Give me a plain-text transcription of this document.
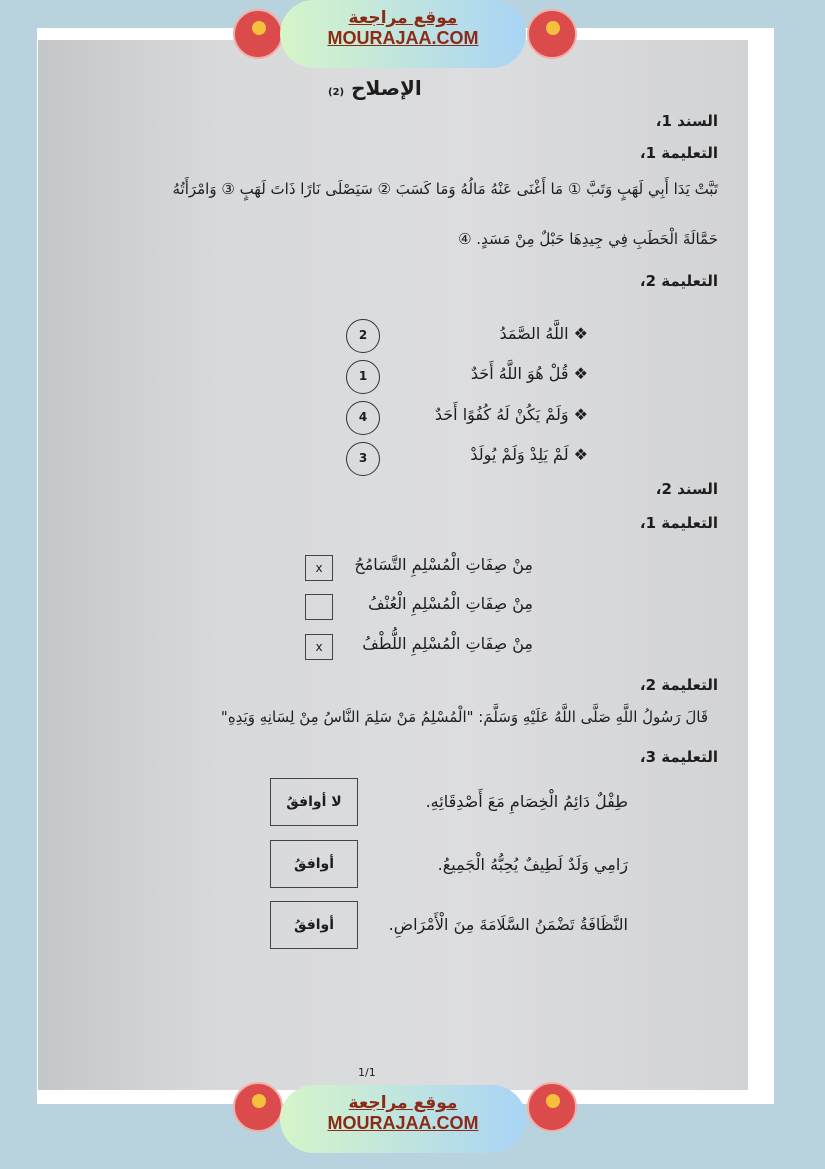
موقع مراجعة
MOURAJAA.COM
الإصلاح (2)
السند 1،
التعليمة 1،
تَبَّتْ يَدَا أَبِي لَهَبٍ وَتَبَّ ① مَا أَغْنَى عَنْهُ مَالُهُ وَمَا كَسَبَ ② سَيَصْلَى نَارًا ذَاتَ لَهَبٍ ③ وَامْرَأَتُهُ
حَمَّالَةَ الْحَطَبِ فِي جِيدِهَا حَبْلٌ مِنْ مَسَدٍ. ④
التعليمة 2،
❖ اللَّهُ الصَّمَدُ
2
❖ قُلْ هُوَ اللَّهُ أَحَدٌ
1
❖ وَلَمْ يَكُنْ لَهُ كُفُوًا أَحَدٌ
4
❖ لَمْ يَلِدْ وَلَمْ يُولَدْ
3
السند 2،
التعليمة 1،
مِنْ صِفَاتِ الْمُسْلِمِ التَّسَامُحُ
x
مِنْ صِفَاتِ الْمُسْلِمِ الْعُنْفُ
مِنْ صِفَاتِ الْمُسْلِمِ اللُّطْفُ
x
التعليمة 2،
قَالَ رَسُولُ اللَّهِ صَلَّى اللَّهُ عَلَيْهِ وَسَلَّمَ: "الْمُسْلِمُ مَنْ سَلِمَ النَّاسُ مِنْ لِسَانِهِ وَيَدِهِ"
التعليمة 3،
طِفْلٌ دَائِمُ الْخِصَامِ مَعَ أَصْدِقَائِهِ.
لا أوافقُ
رَامِي وَلَدٌ لَطِيفٌ يُحِبُّهُ الْجَمِيعُ.
أوافقُ
النَّظَافَةُ تَضْمَنُ السَّلَامَةَ مِنَ الْأَمْرَاضِ.
أوافقُ
1/1
موقع مراجعة
MOURAJAA.COM
